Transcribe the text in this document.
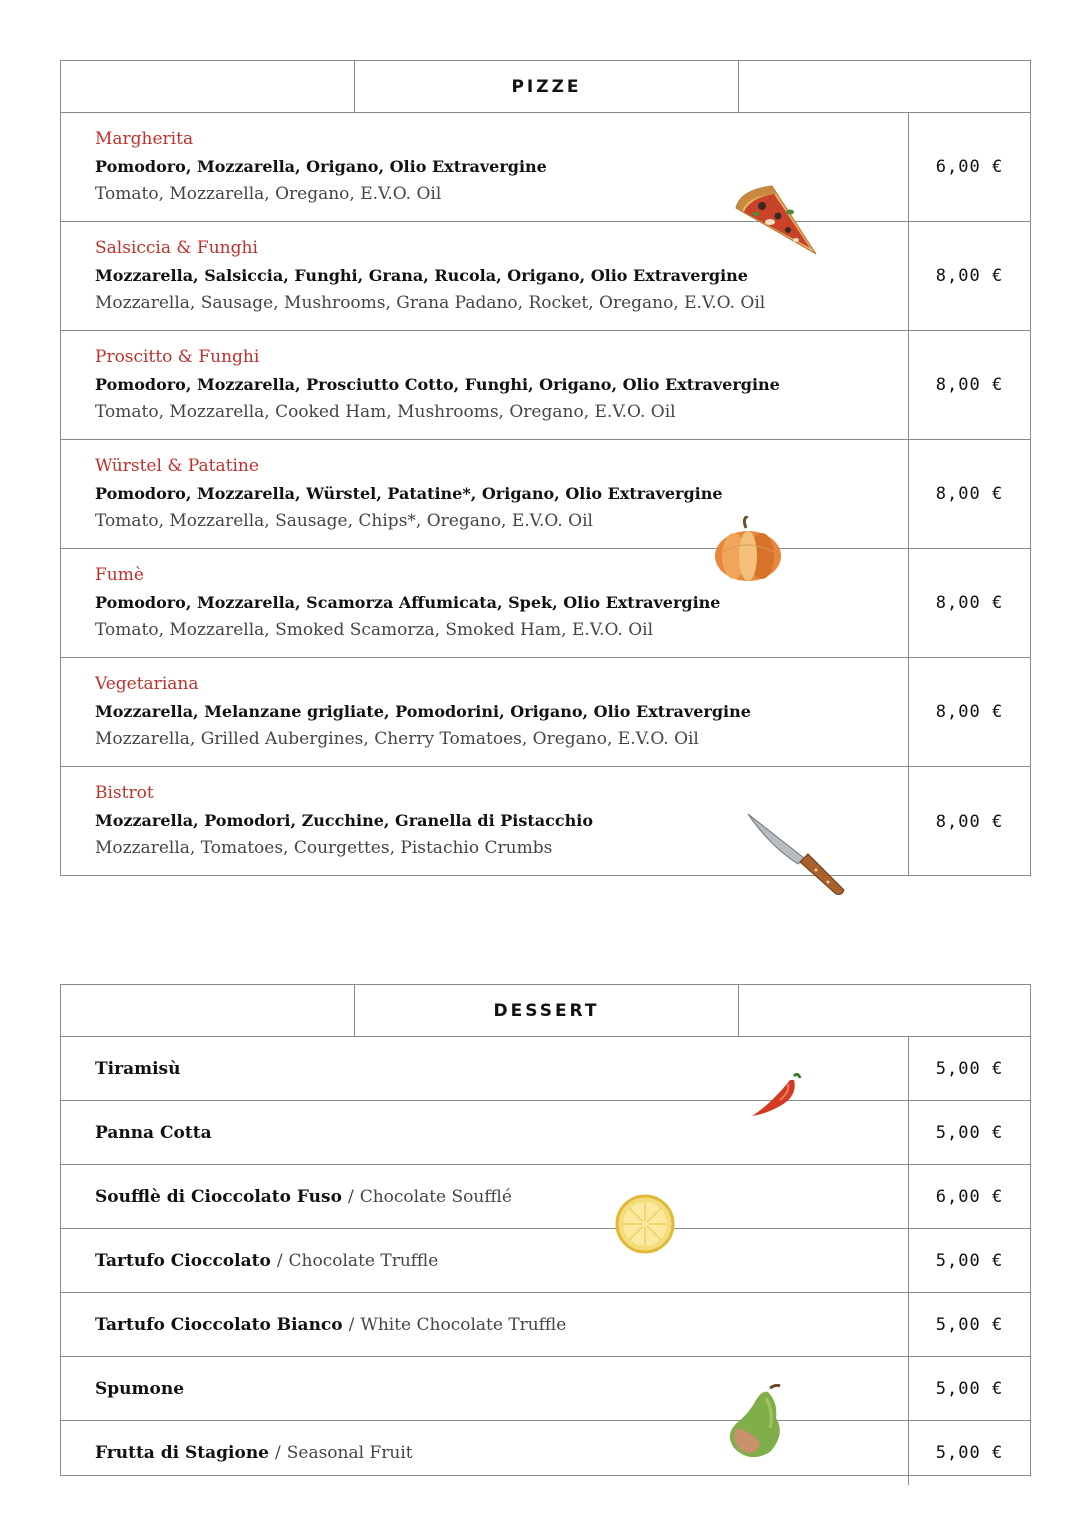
PIZZE
Margherita
Pomodoro, Mozzarella, Origano, Olio Extravergine
Tomato, Mozzarella, Oregano, E.V.O. Oil
6,00 €
Salsiccia & Funghi
Mozzarella, Salsiccia, Funghi, Grana, Rucola, Origano, Olio Extravergine
Mozzarella, Sausage, Mushrooms, Grana Padano, Rocket, Oregano, E.V.O. Oil
8,00 €
Proscitto & Funghi
Pomodoro, Mozzarella, Prosciutto Cotto, Funghi, Origano, Olio Extravergine
Tomato, Mozzarella, Cooked Ham, Mushrooms, Oregano, E.V.O. Oil
8,00 €
Würstel & Patatine
Pomodoro, Mozzarella, Würstel, Patatine*, Origano, Olio Extravergine
Tomato, Mozzarella, Sausage, Chips*, Oregano, E.V.O. Oil
8,00 €
Fumè
Pomodoro, Mozzarella, Scamorza Affumicata, Spek, Olio Extravergine
Tomato, Mozzarella, Smoked Scamorza, Smoked Ham, E.V.O. Oil
8,00 €
Vegetariana
Mozzarella, Melanzane grigliate, Pomodorini, Origano, Olio Extravergine
Mozzarella, Grilled Aubergines, Cherry Tomatoes, Oregano, E.V.O. Oil
8,00 €
Bistrot
Mozzarella, Pomodori, Zucchine, Granella di Pistacchio
Mozzarella, Tomatoes, Courgettes, Pistachio Crumbs
8,00 €
DESSERT
Tiramisù	5,00 €
Panna Cotta	5,00 €
Soufflè di Cioccolato Fuso / Chocolate Soufflé	6,00 €
Tartufo Cioccolato / Chocolate Truffle	5,00 €
Tartufo Cioccolato Bianco / White Chocolate Truffle	5,00 €
Spumone	5,00 €
Frutta di Stagione / Seasonal Fruit	5,00 €
